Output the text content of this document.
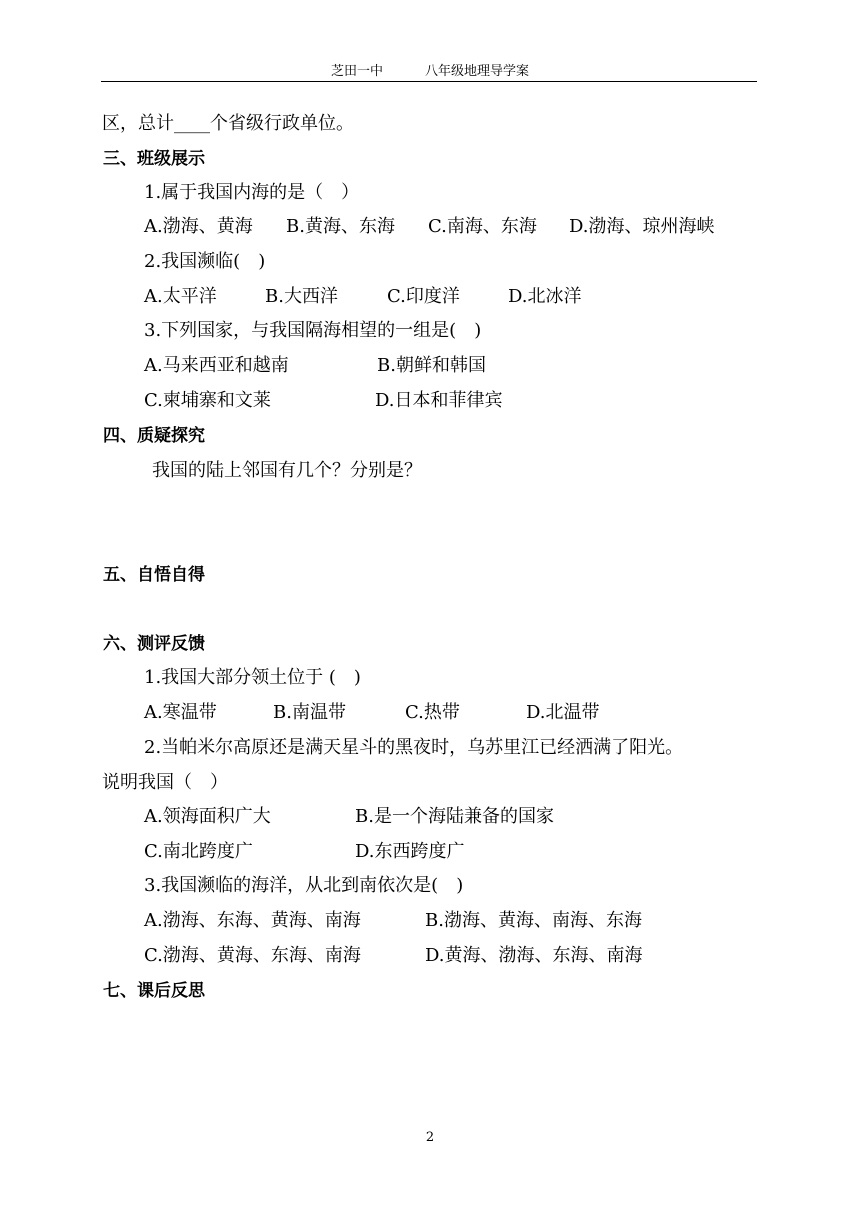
芝田一中	八年级地理导学案
区，总计____个省级行政单位。
三、班级展示
1.属于我国内海的是（　）
A.渤海、黄海 B.黄海、东海 C.南海、东海 D.渤海、琼州海峡
2.我国濒临(　)
A.太平洋	B.大西洋	C.印度洋	D.北冰洋
3.下列国家，与我国隔海相望的一组是(　)
A.马来西亚和越南	B.朝鲜和韩国
C.柬埔寨和文莱	D.日本和菲律宾
四、质疑探究
我国的陆上邻国有几个？分别是？
五、自悟自得
六、测评反馈
1.我国大部分领土位于 (　)
A.寒温带	B.南温带	C.热带	D.北温带
2.当帕米尔高原还是满天星斗的黑夜时，乌苏里江已经洒满了阳光。
说明我国（　）
A.领海面积广大	B.是一个海陆兼备的国家
C.南北跨度广	D.东西跨度广
3.我国濒临的海洋，从北到南依次是(　)
A.渤海、东海、黄海、南海	B.渤海、黄海、南海、东海
C.渤海、黄海、东海、南海	D.黄海、渤海、东海、南海
七、课后反思
2
